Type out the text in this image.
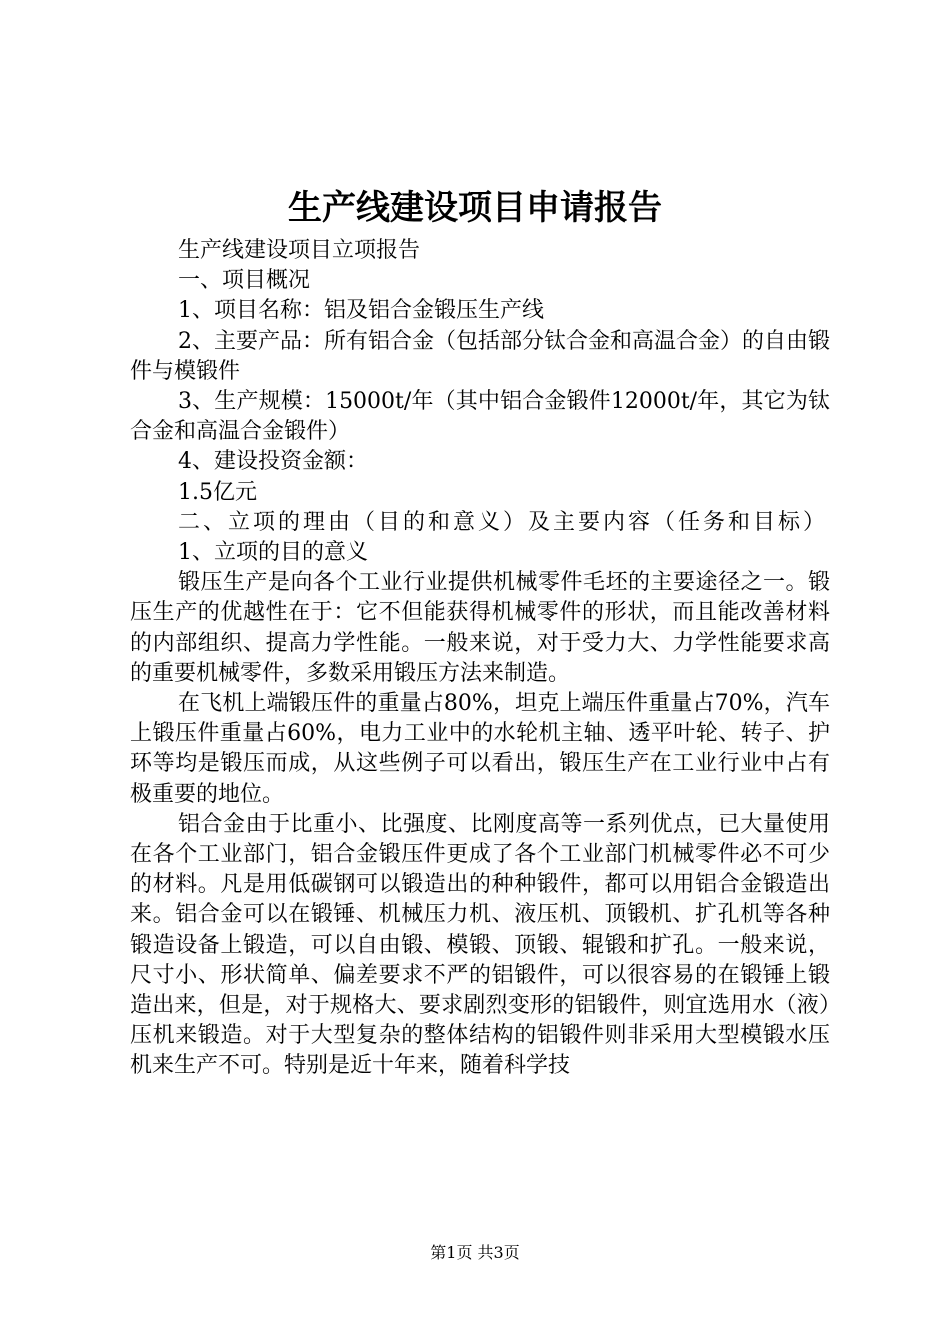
生产线建设项目申请报告

生产线建设项目立项报告

一、项目概况

1、项目名称：铝及铝合金锻压生产线

2、主要产品：所有铝合金（包括部分钛合金和高温合金）的自由锻件与模锻件

3、生产规模：15000t/年（其中铝合金锻件12000t/年，其它为钛合金和高温合金锻件）

4、建设投资金额：

1.5亿元

二、立项的理由（目的和意义）及主要内容（任务和目标）

1、立项的目的意义

锻压生产是向各个工业行业提供机械零件毛坯的主要途径之一。锻压生产的优越性在于：它不但能获得机械零件的形状，而且能改善材料的内部组织、提高力学性能。一般来说，对于受力大、力学性能要求高的重要机械零件，多数采用锻压方法来制造。

在飞机上端锻压件的重量占80%，坦克上端压件重量占70%，汽车上锻压件重量占60%，电力工业中的水轮机主轴、透平叶轮、转子、护环等均是锻压而成，从这些例子可以看出，锻压生产在工业行业中占有极重要的地位。

铝合金由于比重小、比强度、比刚度高等一系列优点，已大量使用在各个工业部门，铝合金锻压件更成了各个工业部门机械零件必不可少的材料。凡是用低碳钢可以锻造出的种种锻件，都可以用铝合金锻造出来。铝合金可以在锻锤、机械压力机、液压机、顶锻机、扩孔机等各种锻造设备上锻造，可以自由锻、模锻、顶锻、辊锻和扩孔。一般来说，尺寸小、形状简单、偏差要求不严的铝锻件，可以很容易的在锻锤上锻造出来，但是，对于规格大、要求剧烈变形的铝锻件，则宜选用水（液）压机来锻造。对于大型复杂的整体结构的铝锻件则非采用大型模锻水压机来生产不可。特别是近十年来，随着科学技

第1页 共3页
